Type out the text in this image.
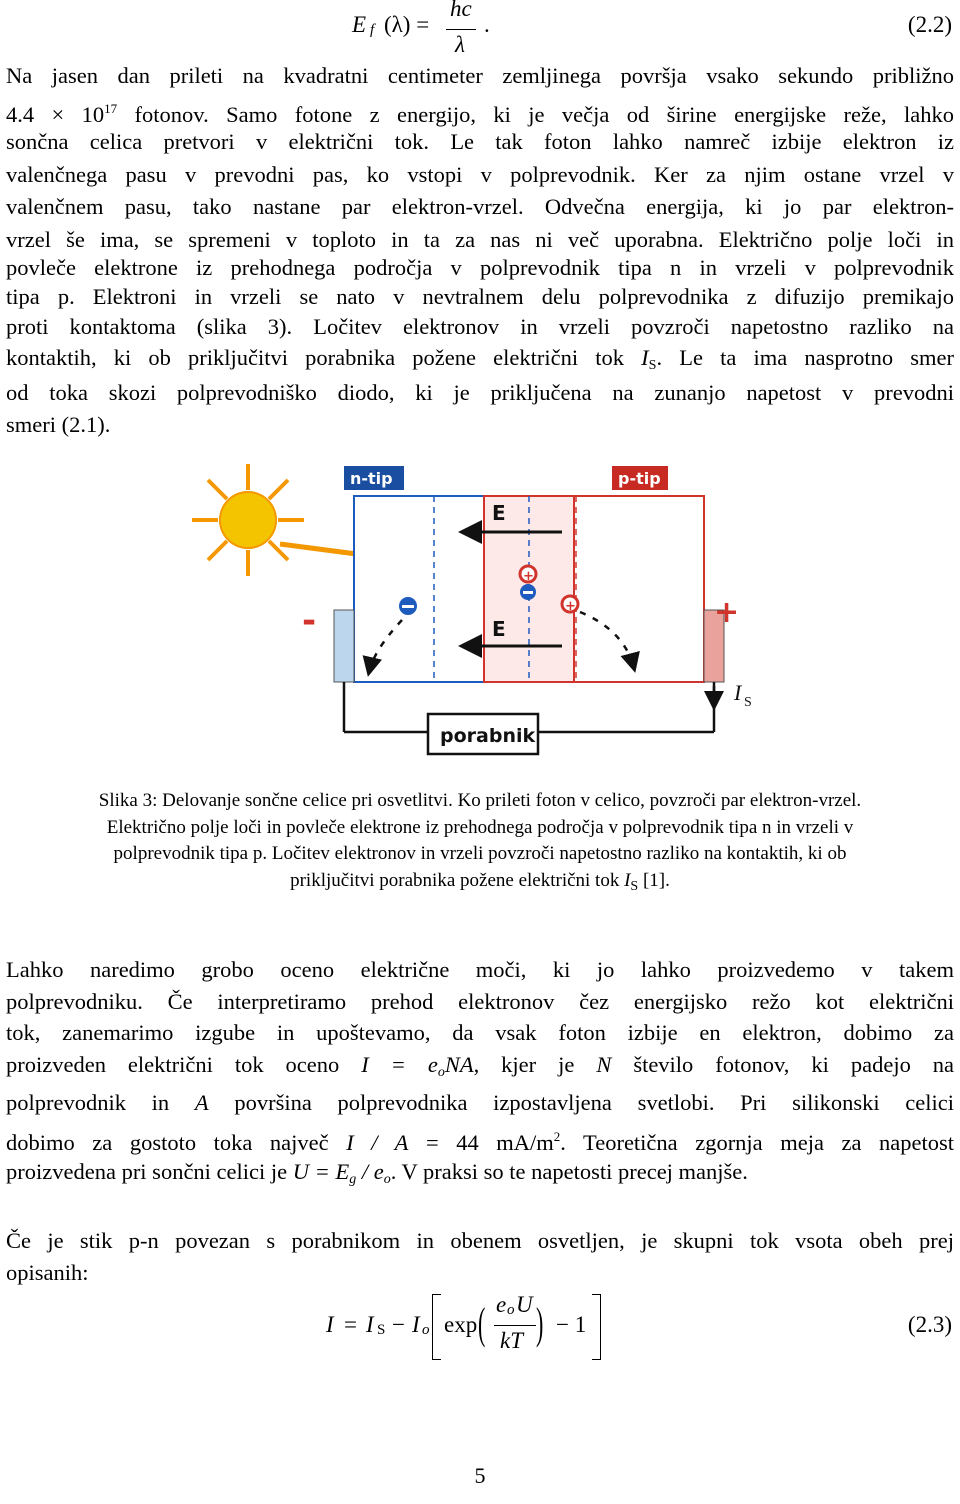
E f (λ) =
hc
λ
.	(2.2)
Na jasen dan prileti na kvadratni centimeter zemljinega površja vsako sekundo približno
$4.4 \times 10^{17}$ fotonov. Samo fotone z energijo, ki je večja od širine energijske reže, lahko
sončna celica pretvori v električni tok. Le tak foton lahko namreč izbije elektron iz
valenčnega pasu v prevodni pas, ko vstopi v polprevodnik. Ker za njim ostane vrzel v
valenčnem pasu, tako nastane par elektron-vrzel. Odvečna energija, ki jo par elektron-
vrzel še ima, se spremeni v toploto in ta za nas ni več uporabna. Električno polje loči in
povleče elektrone iz prehodnega področja v polprevodnik tipa n in vrzeli v polprevodnik
tipa p. Elektroni in vrzeli se nato v nevtralnem delu polprevodnika z difuzijo premikajo
proti kontaktoma (slika 3). Ločitev elektronov in vrzeli povzroči napetostno razliko na
kontaktih, ki ob priključitvi porabnika požene električni tok $I_S$. Le ta ima nasprotno smer
od toka skozi polprevodniško diodo, ki je priključena na zunanjo napetost v prevodni
smeri (2.1).
n-tip	p-tip
-	+
E
E
+
+
I S
porabnik
Slika 3: Delovanje sončne celice pri osvetlitvi. Ko prileti foton v celico, povzroči par elektron-vrzel.
Električno polje loči in povleče elektrone iz prehodnega področja v polprevodnik tipa n in vrzeli v
polprevodnik tipa p. Ločitev elektronov in vrzeli povzroči napetostno razliko na kontaktih, ki ob
priključitvi porabnika požene električni tok $I_S$ [1].
Lahko naredimo grobo oceno električne moči, ki jo lahko proizvedemo v takem
polprevodniku. Če interpretiramo prehod elektronov čez energijsko režo kot električni
tok, zanemarimo izgube in upoštevamo, da vsak foton izbije en elektron, dobimo za
proizveden električni tok oceno $I = e_oNA$, kjer je N število fotonov, ki padejo na
polprevodnik in A površina polprevodnika izpostavljena svetlobi. Pri silikonski celici
dobimo za gostoto toka največ I / A = 44 $mA/m^2$. Teoretična zgornja meja za napetost
proizvedena pri sončni celici je $U = E_g / e_o$. V praksi so te napetosti precej manjše.
Če je stik p-n povezan s porabnikom in obenem osvetljen, je skupni tok vsota obeh prej
opisanih:
I = I S − I o exp ( e o U
kT ) − 1	(2.3)
5
